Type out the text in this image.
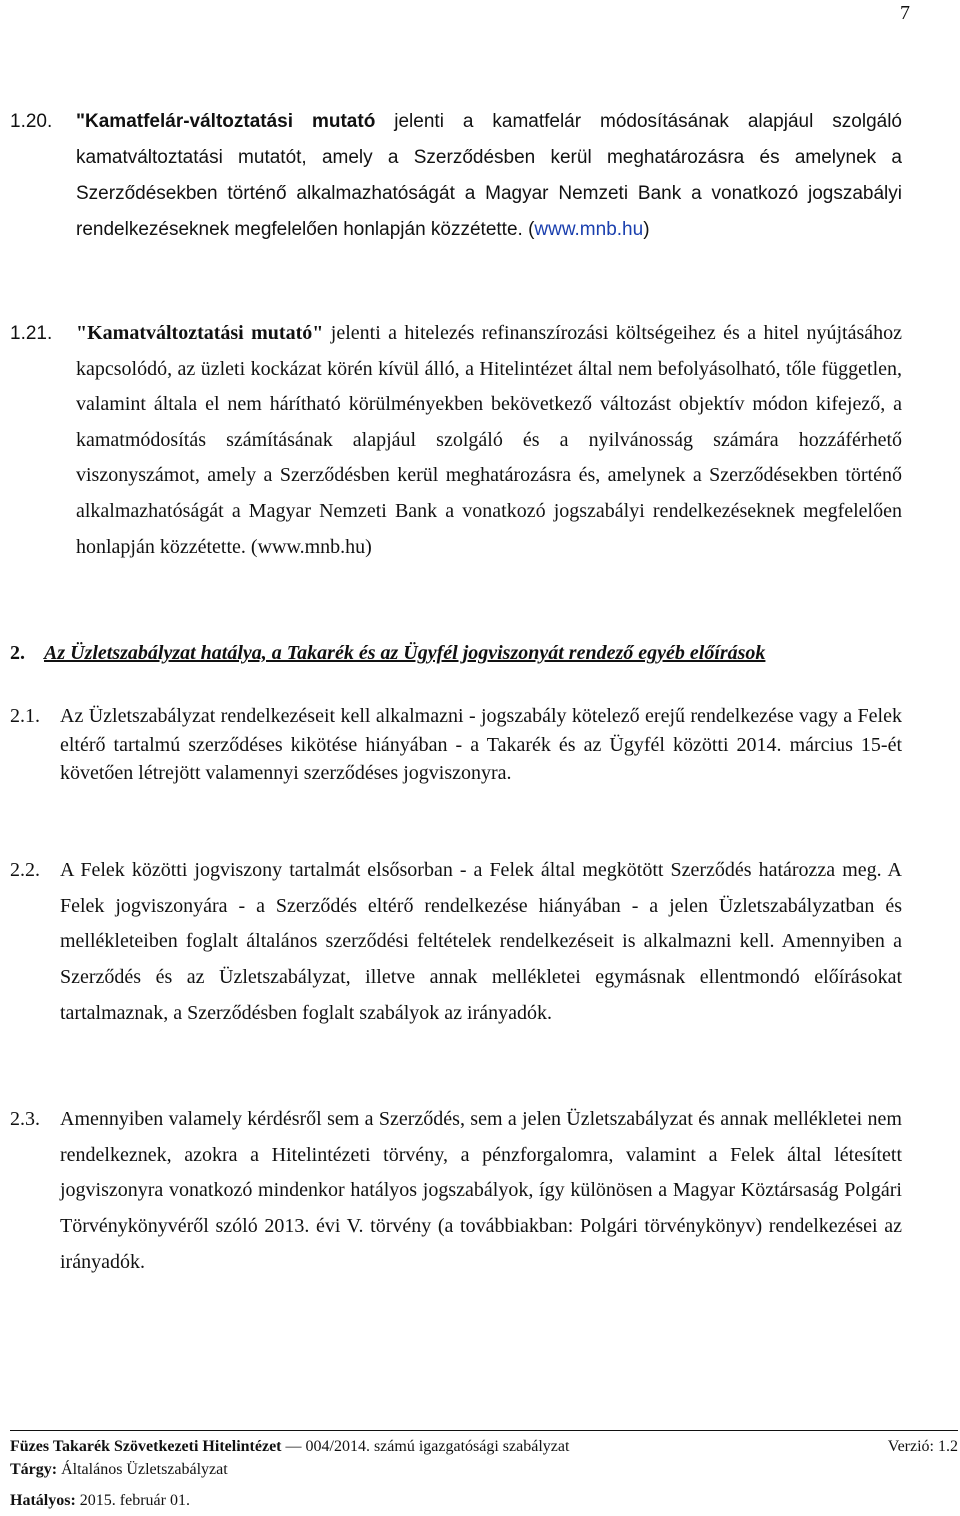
7
1.20. "Kamatfelár-változtatási mutató jelenti a kamatfelár módosításának alapjául szolgáló kamatváltoztatási mutatót, amely a Szerződésben kerül meghatározásra és amelynek a Szerződésekben történő alkalmazhatóságát a Magyar Nemzeti Bank a vonatkozó jogszabályi rendelkezéseknek megfelelően honlapján közzétette. (www.mnb.hu)

1.21. "Kamatváltoztatási mutató" jelenti a hitelezés refinanszírozási költségeihez és a hitel nyújtásához kapcsolódó, az üzleti kockázat körén kívül álló, a Hitelintézet által nem befolyásolható, tőle független, valamint általa el nem hárítható körülményekben bekövetkező változást objektív módon kifejező, a kamatmódosítás számításának alapjául szolgáló és a nyilvánosság számára hozzáférhető viszonyszámot, amely a Szerződésben kerül meghatározásra és, amelynek a Szerződésekben történő alkalmazhatóságát a Magyar Nemzeti Bank a vonatkozó jogszabályi rendelkezéseknek megfelelően honlapján közzétette. (www.mnb.hu)

2. Az Üzletszabályzat hatálya, a Takarék és az Ügyfél jogviszonyát rendező egyéb előírások
2.1. Az Üzletszabályzat rendelkezéseit kell alkalmazni - jogszabály kötelező erejű rendelkezése vagy a Felek eltérő tartalmú szerződéses kikötése hiányában - a Takarék és az Ügyfél közötti 2014. március 15-ét követően létrejött valamennyi szerződéses jogviszonyra.

2.2. A Felek közötti jogviszony tartalmát elsősorban - a Felek által megkötött Szerződés határozza meg. A Felek jogviszonyára - a Szerződés eltérő rendelkezése hiányában - a jelen Üzletszabályzatban és mellékleteiben foglalt általános szerződési feltételek rendelkezéseit is alkalmazni kell. Amennyiben a Szerződés és az Üzletszabályzat, illetve annak mellékletei egymásnak ellentmondó előírásokat tartalmaznak, a Szerződésben foglalt szabályok az irányadók.

2.3. Amennyiben valamely kérdésről sem a Szerződés, sem a jelen Üzletszabályzat és annak mellékletei nem rendelkeznek, azokra a Hitelintézeti törvény, a pénzforgalomra, valamint a Felek által létesített jogviszonyra vonatkozó mindenkor hatályos jogszabályok, így különösen a Magyar Köztársaság Polgári Törvénykönyvéről szóló 2013. évi V. törvény (a továbbiakban: Polgári törvénykönyv) rendelkezései az irányadók.

Füzes Takarék Szövetkezeti Hitelintézet — 004/2014. számú igazgatósági szabályzat	Verzió: 1.2
Tárgy: Általános Üzletszabályzat
Hatályos: 2015. február 01.
